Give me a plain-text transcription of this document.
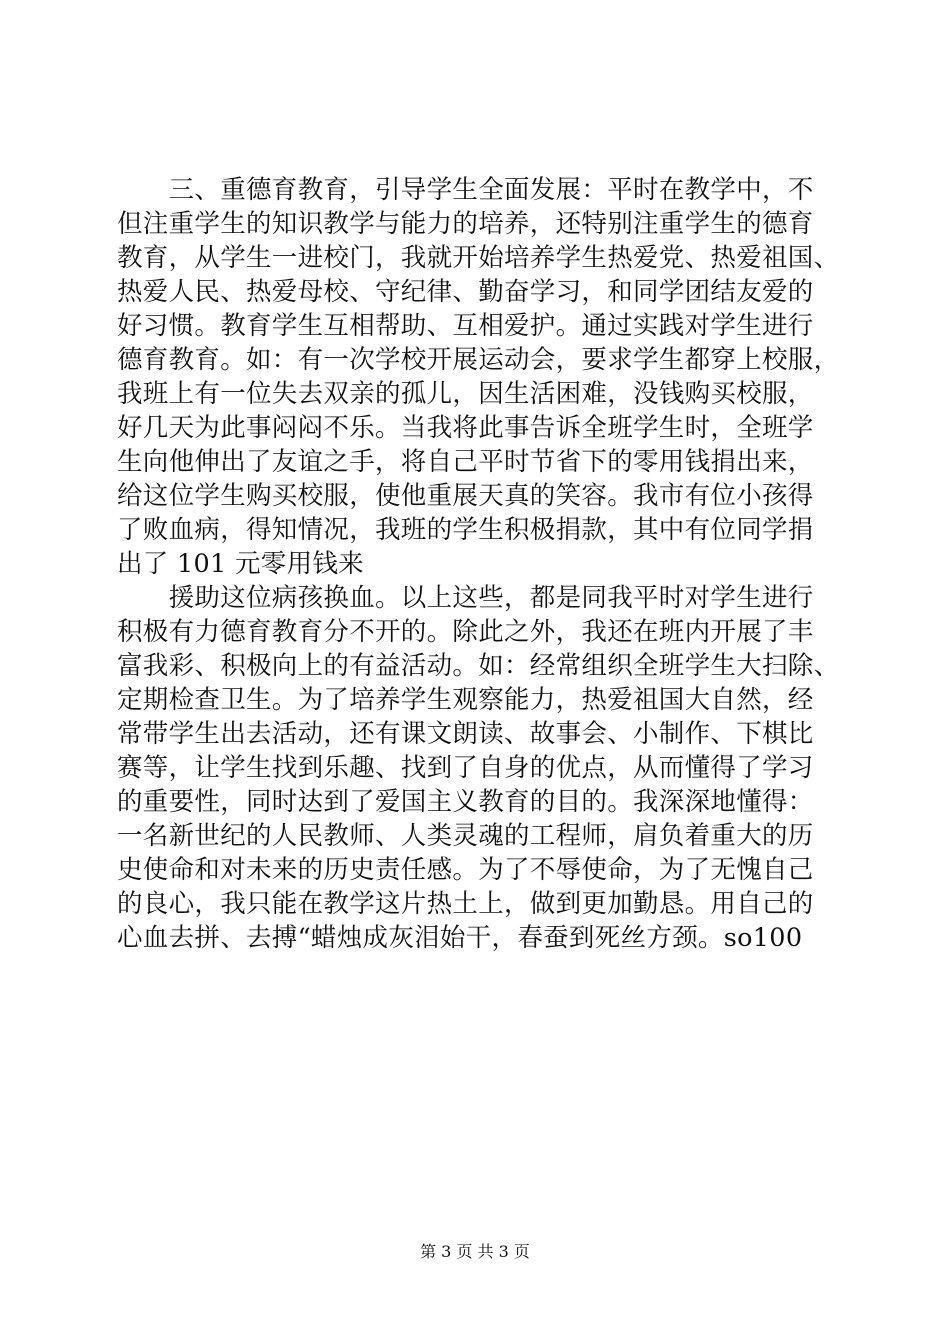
　　三、重德育教育，引导学生全面发展：平时在教学中，不
但注重学生的知识教学与能力的培养，还特别注重学生的德育
教育，从学生一进校门，我就开始培养学生热爱党、热爱祖国、
热爱人民、热爱母校、守纪律、勤奋学习，和同学团结友爱的
好习惯。教育学生互相帮助、互相爱护。通过实践对学生进行
德育教育。如：有一次学校开展运动会，要求学生都穿上校服，
我班上有一位失去双亲的孤儿，因生活困难，没钱购买校服，
好几天为此事闷闷不乐。当我将此事告诉全班学生时，全班学
生向他伸出了友谊之手，将自己平时节省下的零用钱捐出来，
给这位学生购买校服，使他重展天真的笑容。我市有位小孩得
了败血病，得知情况，我班的学生积极捐款，其中有位同学捐
出了 101 元零用钱来
　　援助这位病孩换血。以上这些，都是同我平时对学生进行
积极有力德育教育分不开的。除此之外，我还在班内开展了丰
富我彩、积极向上的有益活动。如：经常组织全班学生大扫除、
定期检查卫生。为了培养学生观察能力，热爱祖国大自然，经
常带学生出去活动，还有课文朗读、故事会、小制作、下棋比
赛等，让学生找到乐趣、找到了自身的优点，从而懂得了学习
的重要性，同时达到了爱国主义教育的目的。我深深地懂得：
一名新世纪的人民教师、人类灵魂的工程师，肩负着重大的历
史使命和对未来的历史责任感。为了不辱使命，为了无愧自己
的良心，我只能在教学这片热土上，做到更加勤恳。用自己的
心血去拼、去搏“蜡烛成灰泪始干，春蚕到死丝方颈。so100
第 3 页 共 3 页
